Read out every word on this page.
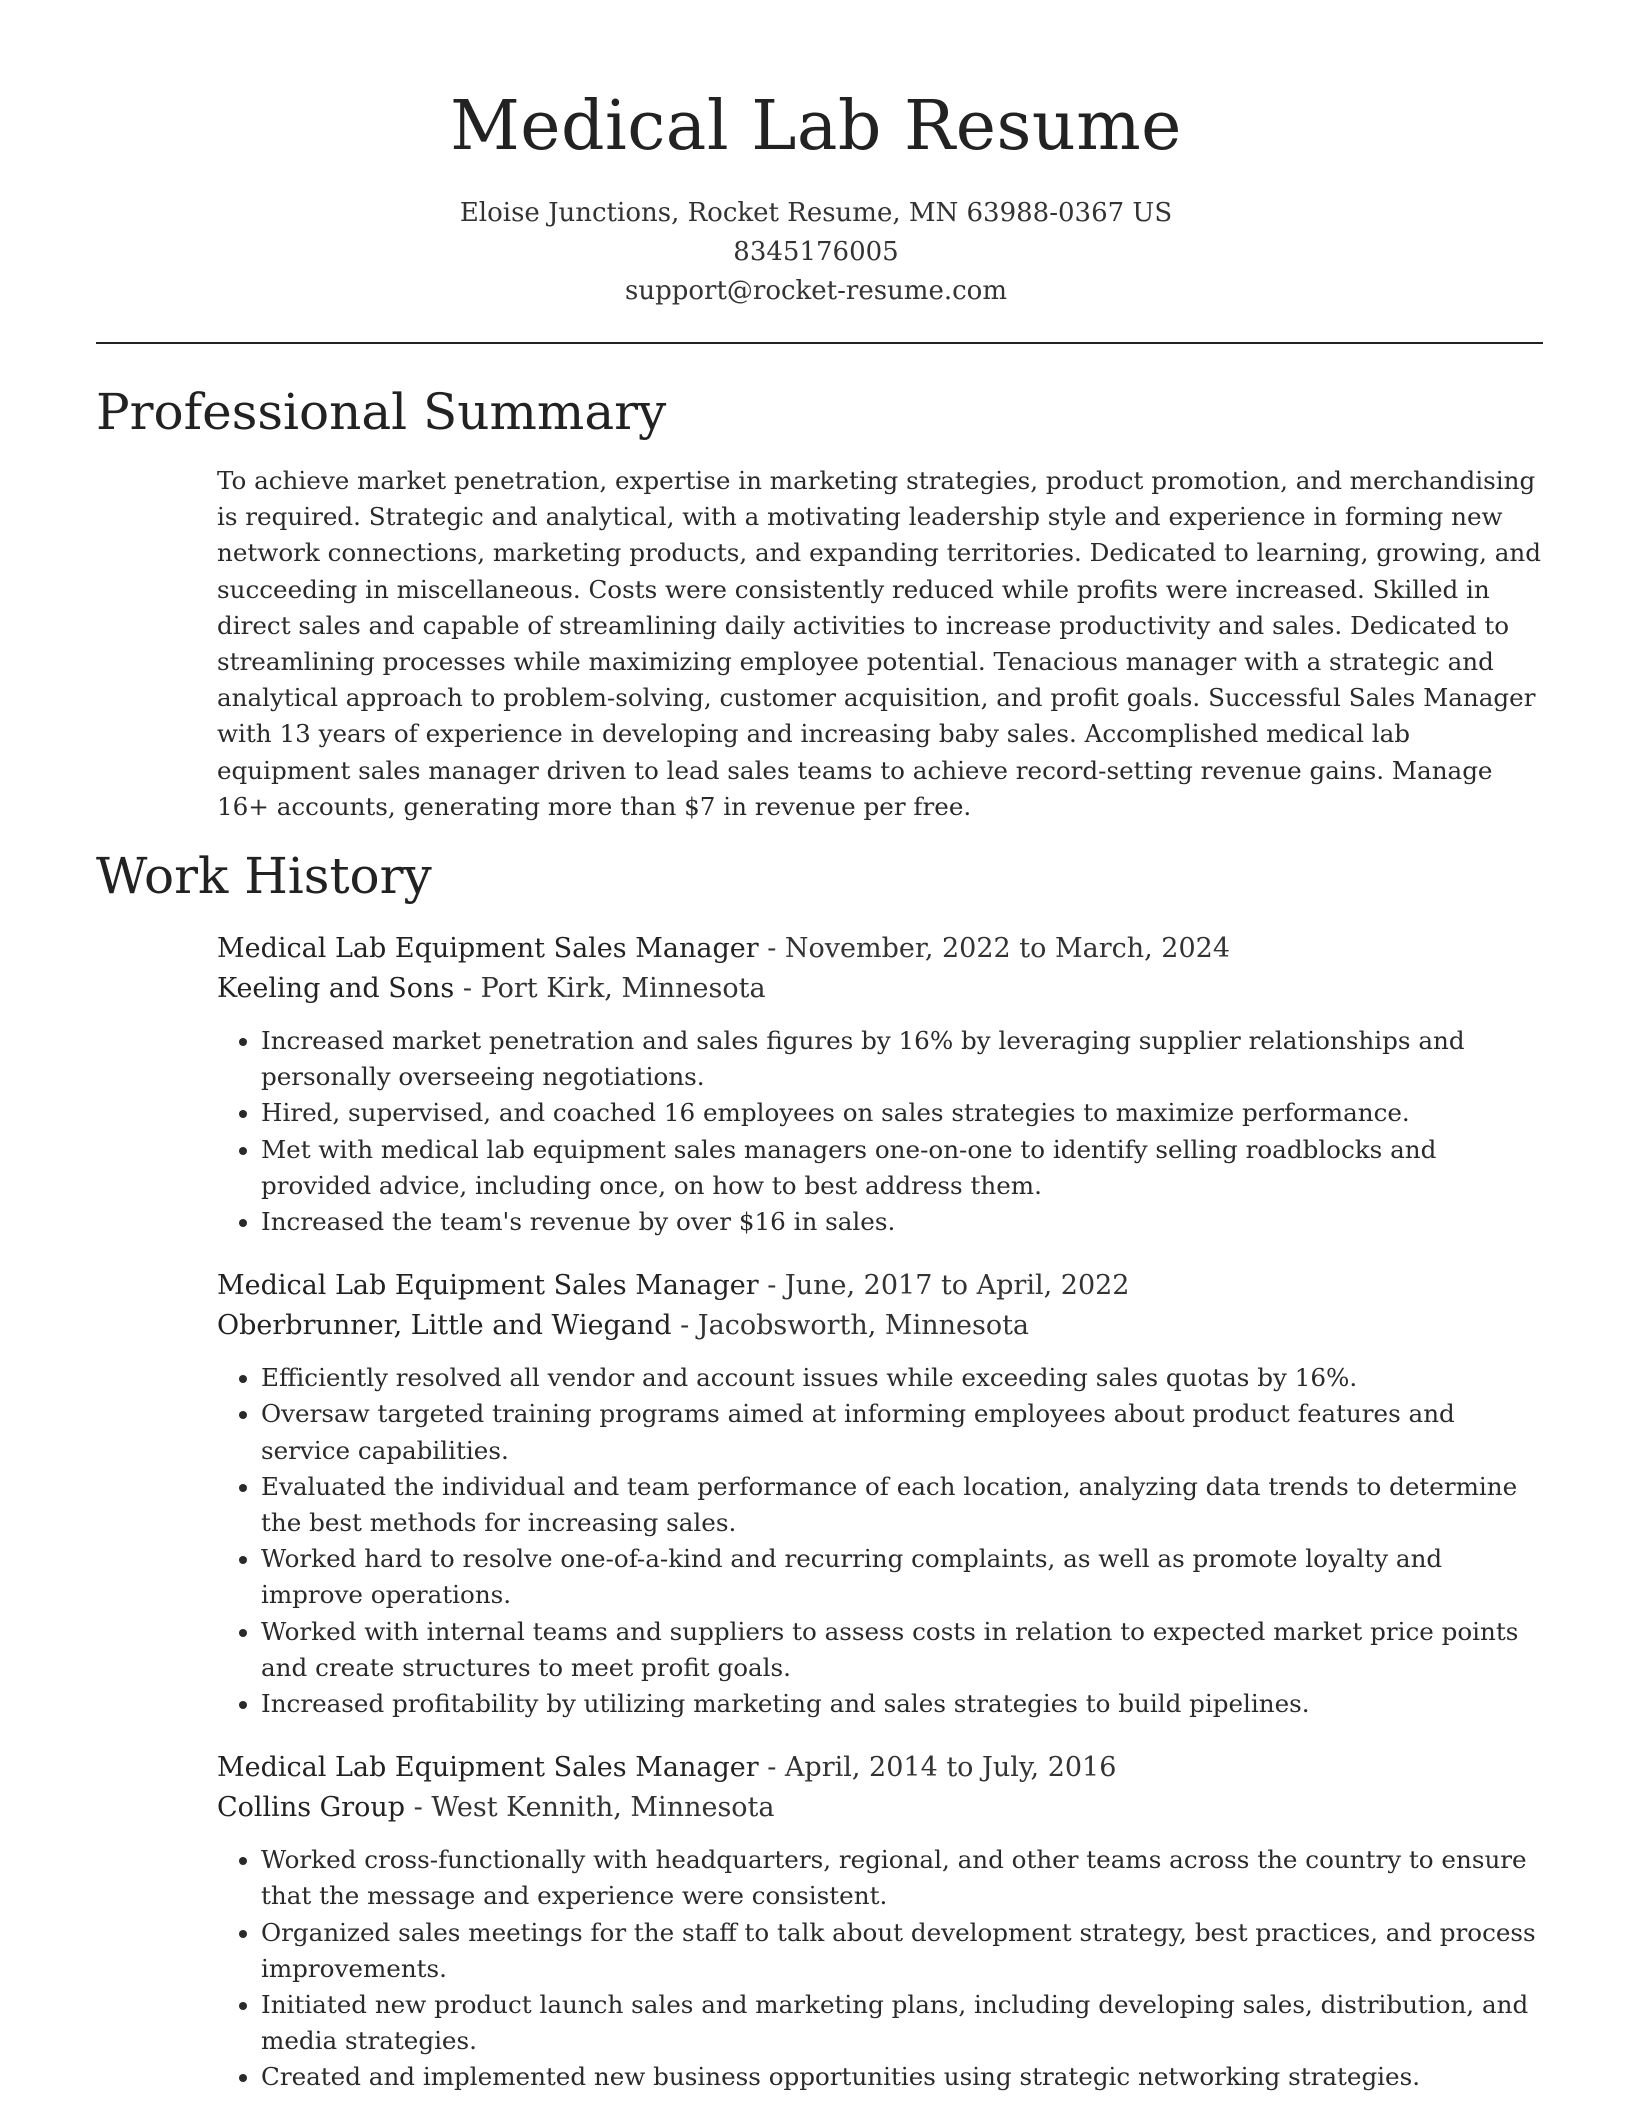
Medical Lab Resume
Eloise Junctions, Rocket Resume, MN 63988-0367 US
8345176005
support@rocket-resume.com
Professional Summary

To achieve market penetration, expertise in marketing strategies, product promotion, and merchandising is required. Strategic and analytical, with a motivating leadership style and experience in forming new network connections, marketing products, and expanding territories. Dedicated to learning, growing, and succeeding in miscellaneous. Costs were consistently reduced while profits were increased. Skilled in direct sales and capable of streamlining daily activities to increase productivity and sales. Dedicated to streamlining processes while maximizing employee potential. Tenacious manager with a strategic and analytical approach to problem-solving, customer acquisition, and profit goals. Successful Sales Manager with 13 years of experience in developing and increasing baby sales. Accomplished medical lab equipment sales manager driven to lead sales teams to achieve record-setting revenue gains. Manage 16+ accounts, generating more than $7 in revenue per free.

Work History
Medical Lab Equipment Sales Manager - November, 2022 to March, 2024
Keeling and Sons - Port Kirk, Minnesota
• Increased market penetration and sales figures by 16% by leveraging supplier relationships and personally overseeing negotiations.
• Hired, supervised, and coached 16 employees on sales strategies to maximize performance.
• Met with medical lab equipment sales managers one-on-one to identify selling roadblocks and provided advice, including once, on how to best address them.
• Increased the team's revenue by over $16 in sales.
Medical Lab Equipment Sales Manager - June, 2017 to April, 2022
Oberbrunner, Little and Wiegand - Jacobsworth, Minnesota
• Efficiently resolved all vendor and account issues while exceeding sales quotas by 16%.
• Oversaw targeted training programs aimed at informing employees about product features and service capabilities.
• Evaluated the individual and team performance of each location, analyzing data trends to determine the best methods for increasing sales.
• Worked hard to resolve one-of-a-kind and recurring complaints, as well as promote loyalty and improve operations.
• Worked with internal teams and suppliers to assess costs in relation to expected market price points and create structures to meet profit goals.
• Increased profitability by utilizing marketing and sales strategies to build pipelines.
Medical Lab Equipment Sales Manager - April, 2014 to July, 2016
Collins Group - West Kennith, Minnesota
• Worked cross-functionally with headquarters, regional, and other teams across the country to ensure that the message and experience were consistent.
• Organized sales meetings for the staff to talk about development strategy, best practices, and process improvements.
• Initiated new product launch sales and marketing plans, including developing sales, distribution, and media strategies.
• Created and implemented new business opportunities using strategic networking strategies.
